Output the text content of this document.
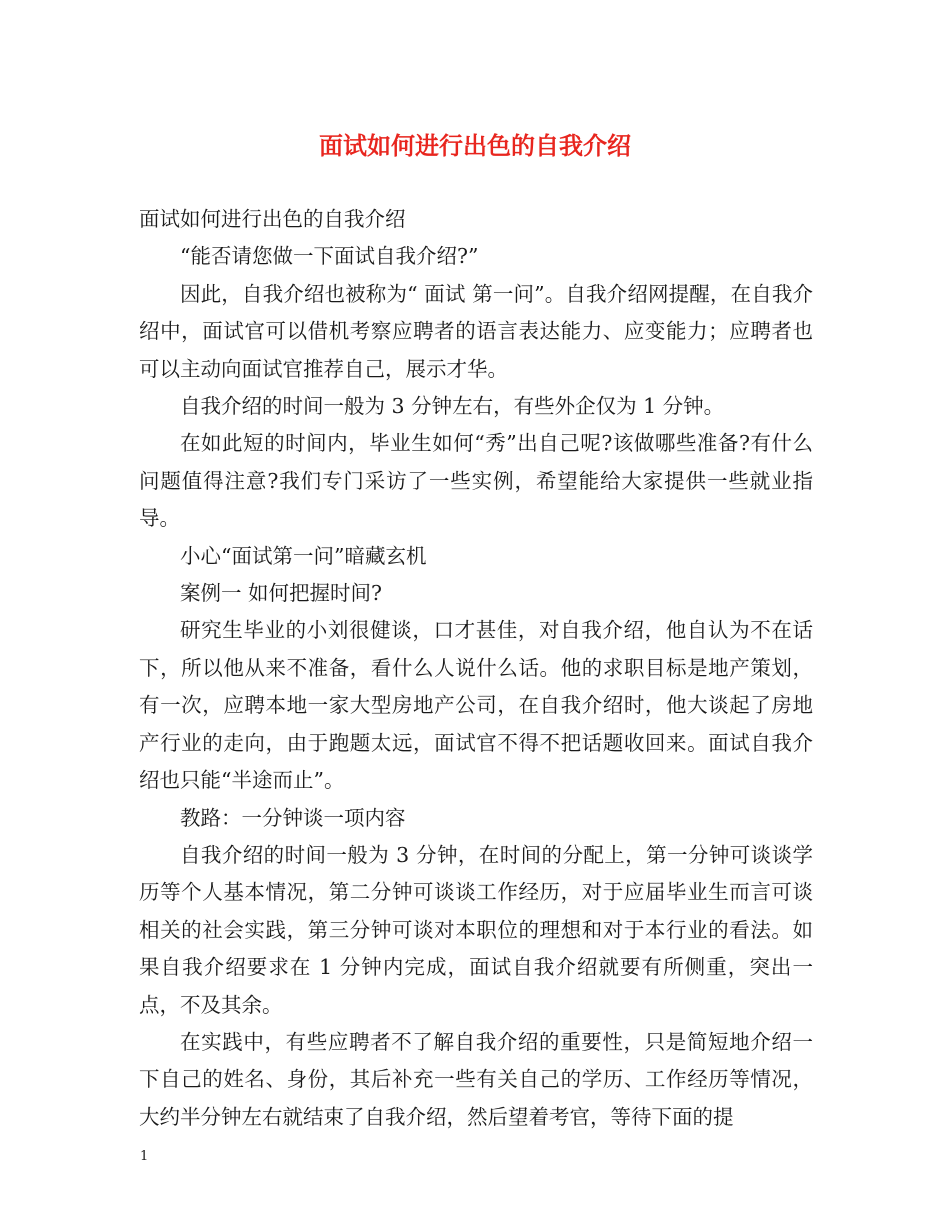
面试如何进行出色的自我介绍

面试如何进行出色的自我介绍

“能否请您做一下面试自我介绍?”

因此，自我介绍也被称为“ 面试 第一问”。自我介绍网提醒，在自我介绍中，面试官可以借机考察应聘者的语言表达能力、应变能力；应聘者也可以主动向面试官推荐自己，展示才华。

自我介绍的时间一般为 3 分钟左右，有些外企仅为 1 分钟。

在如此短的时间内，毕业生如何“秀”出自己呢?该做哪些准备?有什么问题值得注意?我们专门采访了一些实例，希望能给大家提供一些就业指导。

小心“面试第一问”暗藏玄机

案例一 如何把握时间?

研究生毕业的小刘很健谈，口才甚佳，对自我介绍，他自认为不在话下，所以他从来不准备，看什么人说什么话。他的求职目标是地产策划，有一次，应聘本地一家大型房地产公司，在自我介绍时，他大谈起了房地产行业的走向，由于跑题太远，面试官不得不把话题收回来。面试自我介绍也只能“半途而止”。

教路：一分钟谈一项内容

自我介绍的时间一般为 3 分钟，在时间的分配上，第一分钟可谈谈学历等个人基本情况，第二分钟可谈谈工作经历，对于应届毕业生而言可谈相关的社会实践，第三分钟可谈对本职位的理想和对于本行业的看法。如果自我介绍要求在 1 分钟内完成，面试自我介绍就要有所侧重，突出一点，不及其余。

在实践中，有些应聘者不了解自我介绍的重要性，只是简短地介绍一下自己的姓名、身份，其后补充一些有关自己的学历、工作经历等情况，大约半分钟左右就结束了自我介绍，然后望着考官，等待下面的提

1
